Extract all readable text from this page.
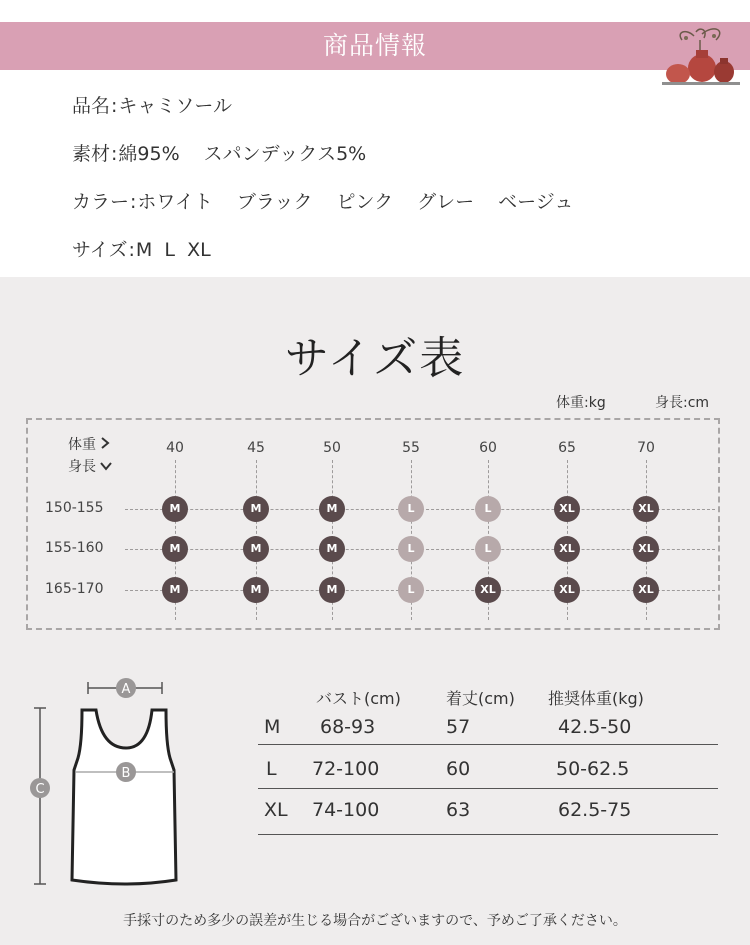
商品情報
品名:キャミソール
素材:綿95% スパンデックス5%
カラー:ホワイト ブラック ピンク グレー ベージュ
サイズ:M L XL
サイズ表
体重:kg	身長:cm
体重
身長
40	45	50	55	60	65	70
150-155	M	M	M	L	L	XL	XL
155-160	M	M	M	L	L	XL	XL
165-170	M	M	M	L	XL	XL	XL
A
B
C
バスト(cm)	着丈(cm) 推奨体重(kg)
M 68-93	57	42.5-50
L 72-100	60	50-62.5
XL 74-100	63	62.5-75
手採寸のため多少の誤差が生じる場合がございますので、予めご了承ください。
